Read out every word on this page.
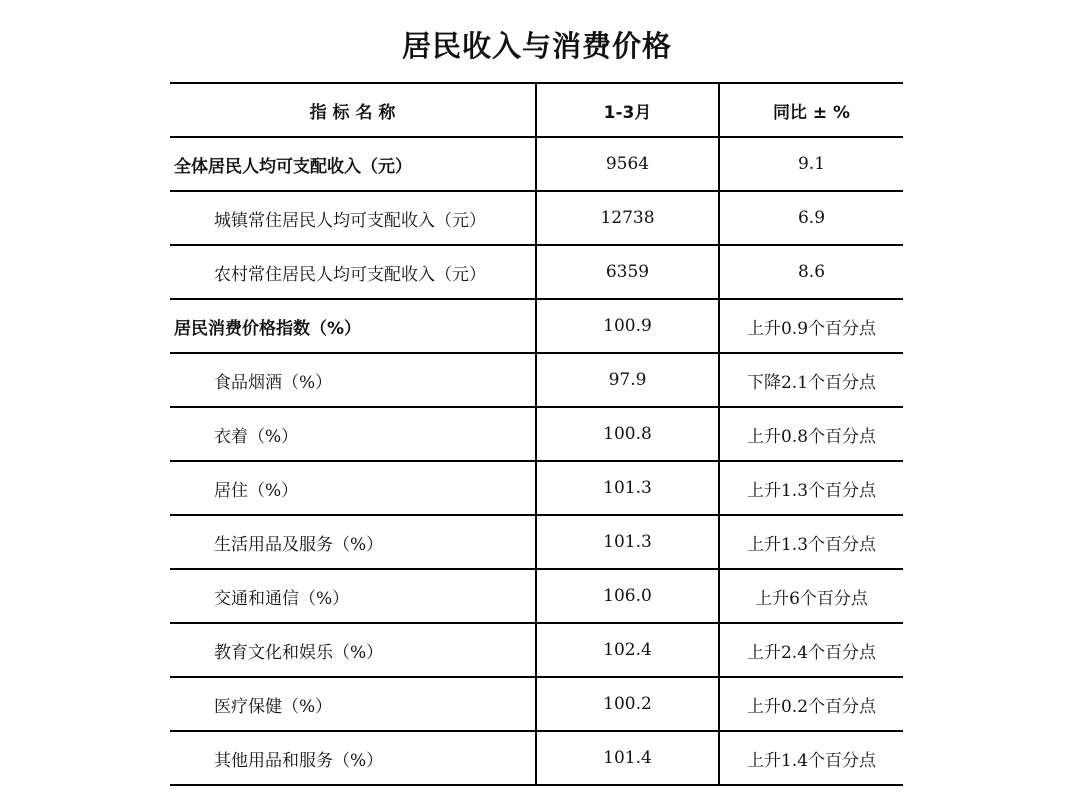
居民收入与消费价格
指 标 名 称	1-3月	同比 ± %
全体居民人均可支配收入（元）	9564	9.1
城镇常住居民人均可支配收入（元）	12738	6.9
农村常住居民人均可支配收入（元）	6359	8.6
居民消费价格指数（%）	100.9	上升0.9个百分点
食品烟酒（%）	97.9	下降2.1个百分点
衣着（%）	100.8	上升0.8个百分点
居住（%）	101.3	上升1.3个百分点
生活用品及服务（%）	101.3	上升1.3个百分点
交通和通信（%）	106.0	上升6个百分点
教育文化和娱乐（%）	102.4	上升2.4个百分点
医疗保健（%）	100.2	上升0.2个百分点
其他用品和服务（%）	101.4	上升1.4个百分点
